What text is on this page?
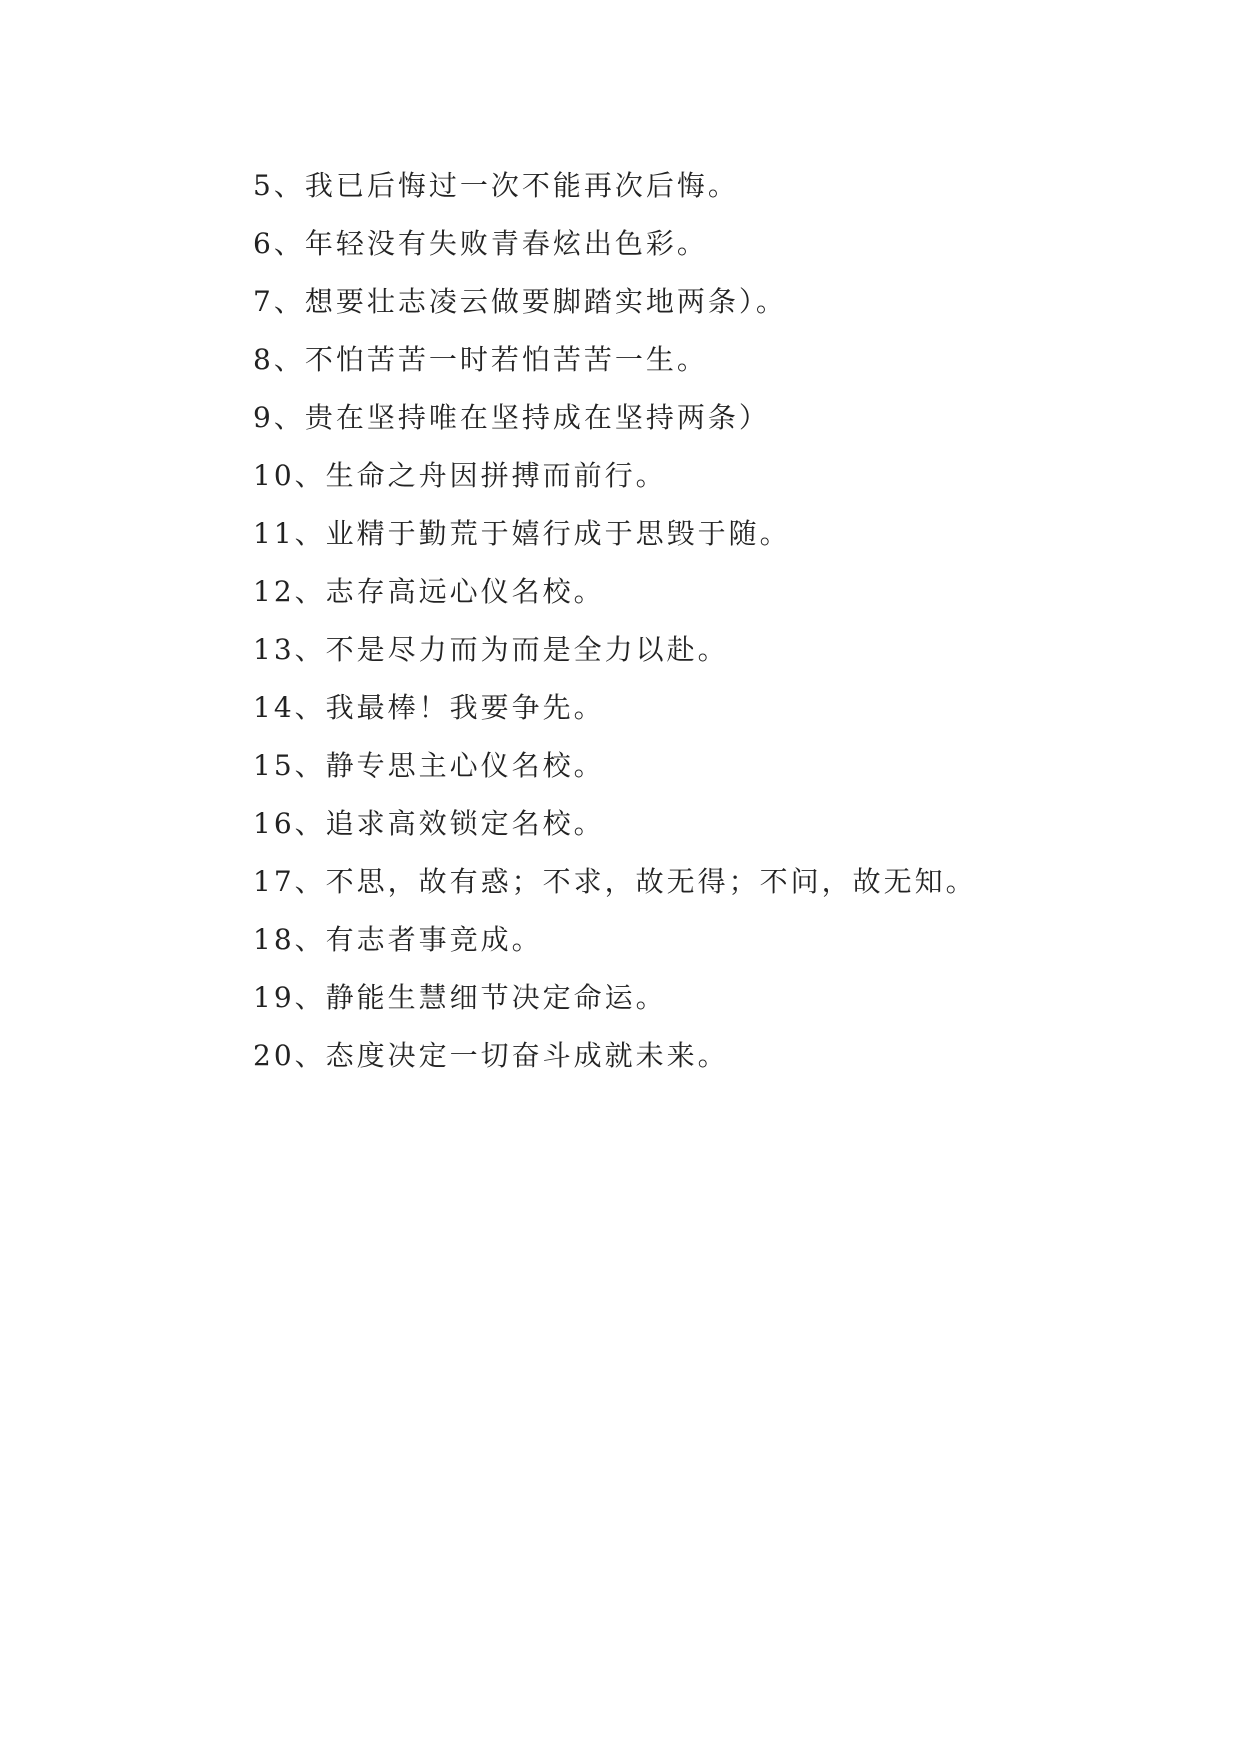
5、我已后悔过一次不能再次后悔。
6、年轻没有失败青春炫出色彩。
7、想要壮志凌云做要脚踏实地两条）。
8、不怕苦苦一时若怕苦苦一生。
9、贵在坚持唯在坚持成在坚持两条）
10、生命之舟因拼搏而前行。
11、业精于勤荒于嬉行成于思毁于随。
12、志存高远心仪名校。
13、不是尽力而为而是全力以赴。
14、我最棒！我要争先。
15、静专思主心仪名校。
16、追求高效锁定名校。
17、不思，故有惑；不求，故无得；不问，故无知。
18、有志者事竞成。
19、静能生慧细节决定命运。
20、态度决定一切奋斗成就未来。
